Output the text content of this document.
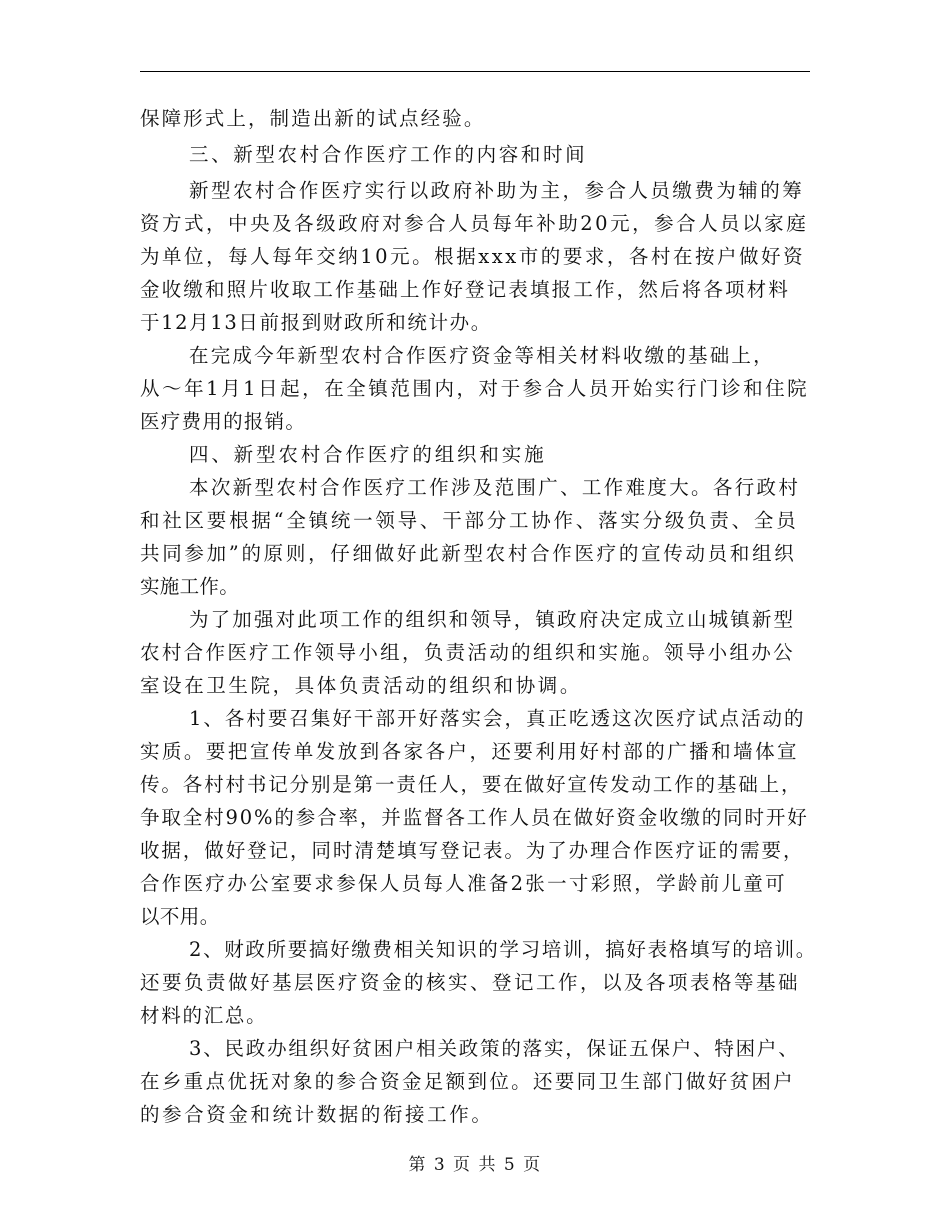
保障形式上，制造出新的试点经验。
三、新型农村合作医疗工作的内容和时间
新型农村合作医疗实行以政府补助为主，参合人员缴费为辅的筹
资方式，中央及各级政府对参合人员每年补助20元，参合人员以家庭
为单位，每人每年交纳10元。根据xxx市的要求，各村在按户做好资
金收缴和照片收取工作基础上作好登记表填报工作，然后将各项材料
于12月13日前报到财政所和统计办。
在完成今年新型农村合作医疗资金等相关材料收缴的基础上，
从～年1月1日起，在全镇范围内，对于参合人员开始实行门诊和住院
医疗费用的报销。
四、新型农村合作医疗的组织和实施
本次新型农村合作医疗工作涉及范围广、工作难度大。各行政村
和社区要根据“全镇统一领导、干部分工协作、落实分级负责、全员
共同参加”的原则，仔细做好此新型农村合作医疗的宣传动员和组织
实施工作。
为了加强对此项工作的组织和领导，镇政府决定成立山城镇新型
农村合作医疗工作领导小组，负责活动的组织和实施。领导小组办公
室设在卫生院，具体负责活动的组织和协调。
1、各村要召集好干部开好落实会，真正吃透这次医疗试点活动的
实质。要把宣传单发放到各家各户，还要利用好村部的广播和墙体宣
传。各村村书记分别是第一责任人，要在做好宣传发动工作的基础上，
争取全村90%的参合率，并监督各工作人员在做好资金收缴的同时开好
收据，做好登记，同时清楚填写登记表。为了办理合作医疗证的需要，
合作医疗办公室要求参保人员每人准备2张一寸彩照，学龄前儿童可
以不用。
2、财政所要搞好缴费相关知识的学习培训，搞好表格填写的培训。
还要负责做好基层医疗资金的核实、登记工作，以及各项表格等基础
材料的汇总。
3、民政办组织好贫困户相关政策的落实，保证五保户、特困户、
在乡重点优抚对象的参合资金足额到位。还要同卫生部门做好贫困户
的参合资金和统计数据的衔接工作。
第 3 页 共 5 页
